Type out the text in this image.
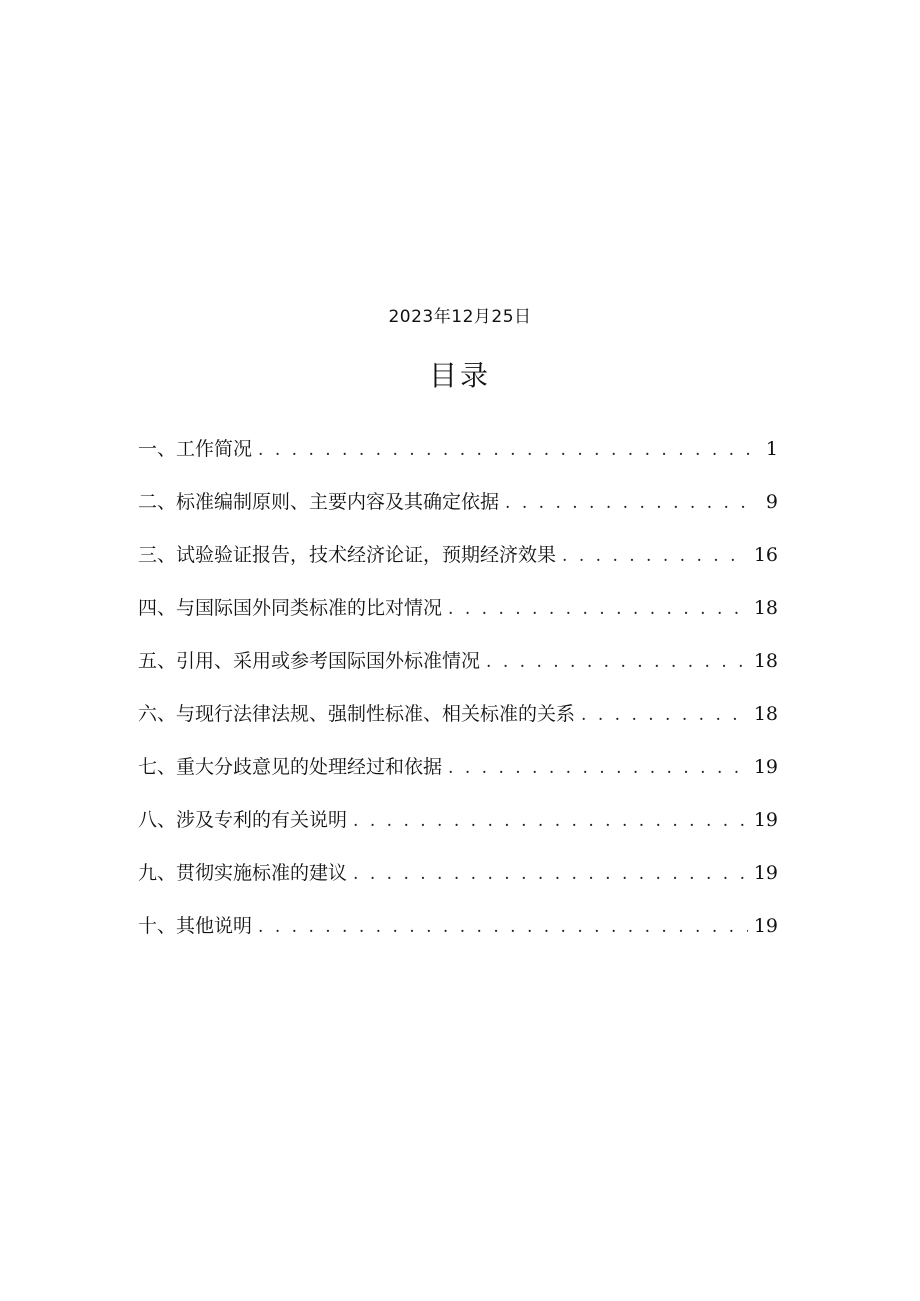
2023年12月25日
目录
一、工作简况 . . .	1
二、标准编制原则、主要内容及其确定依据 . . .	9
三、试验验证报告，技术经济论证，预期经济效果 . . .	16
四、与国际国外同类标准的比对情况 . . .	18
五、引用、采用或参考国际国外标准情况 . . .	18
六、与现行法律法规、强制性标准、相关标准的关系 . . .	18
七、重大分歧意见的处理经过和依据 . . .	19
八、涉及专利的有关说明 . . .	19
九、贯彻实施标准的建议 . . .	19
十、其他说明 . . .	19
